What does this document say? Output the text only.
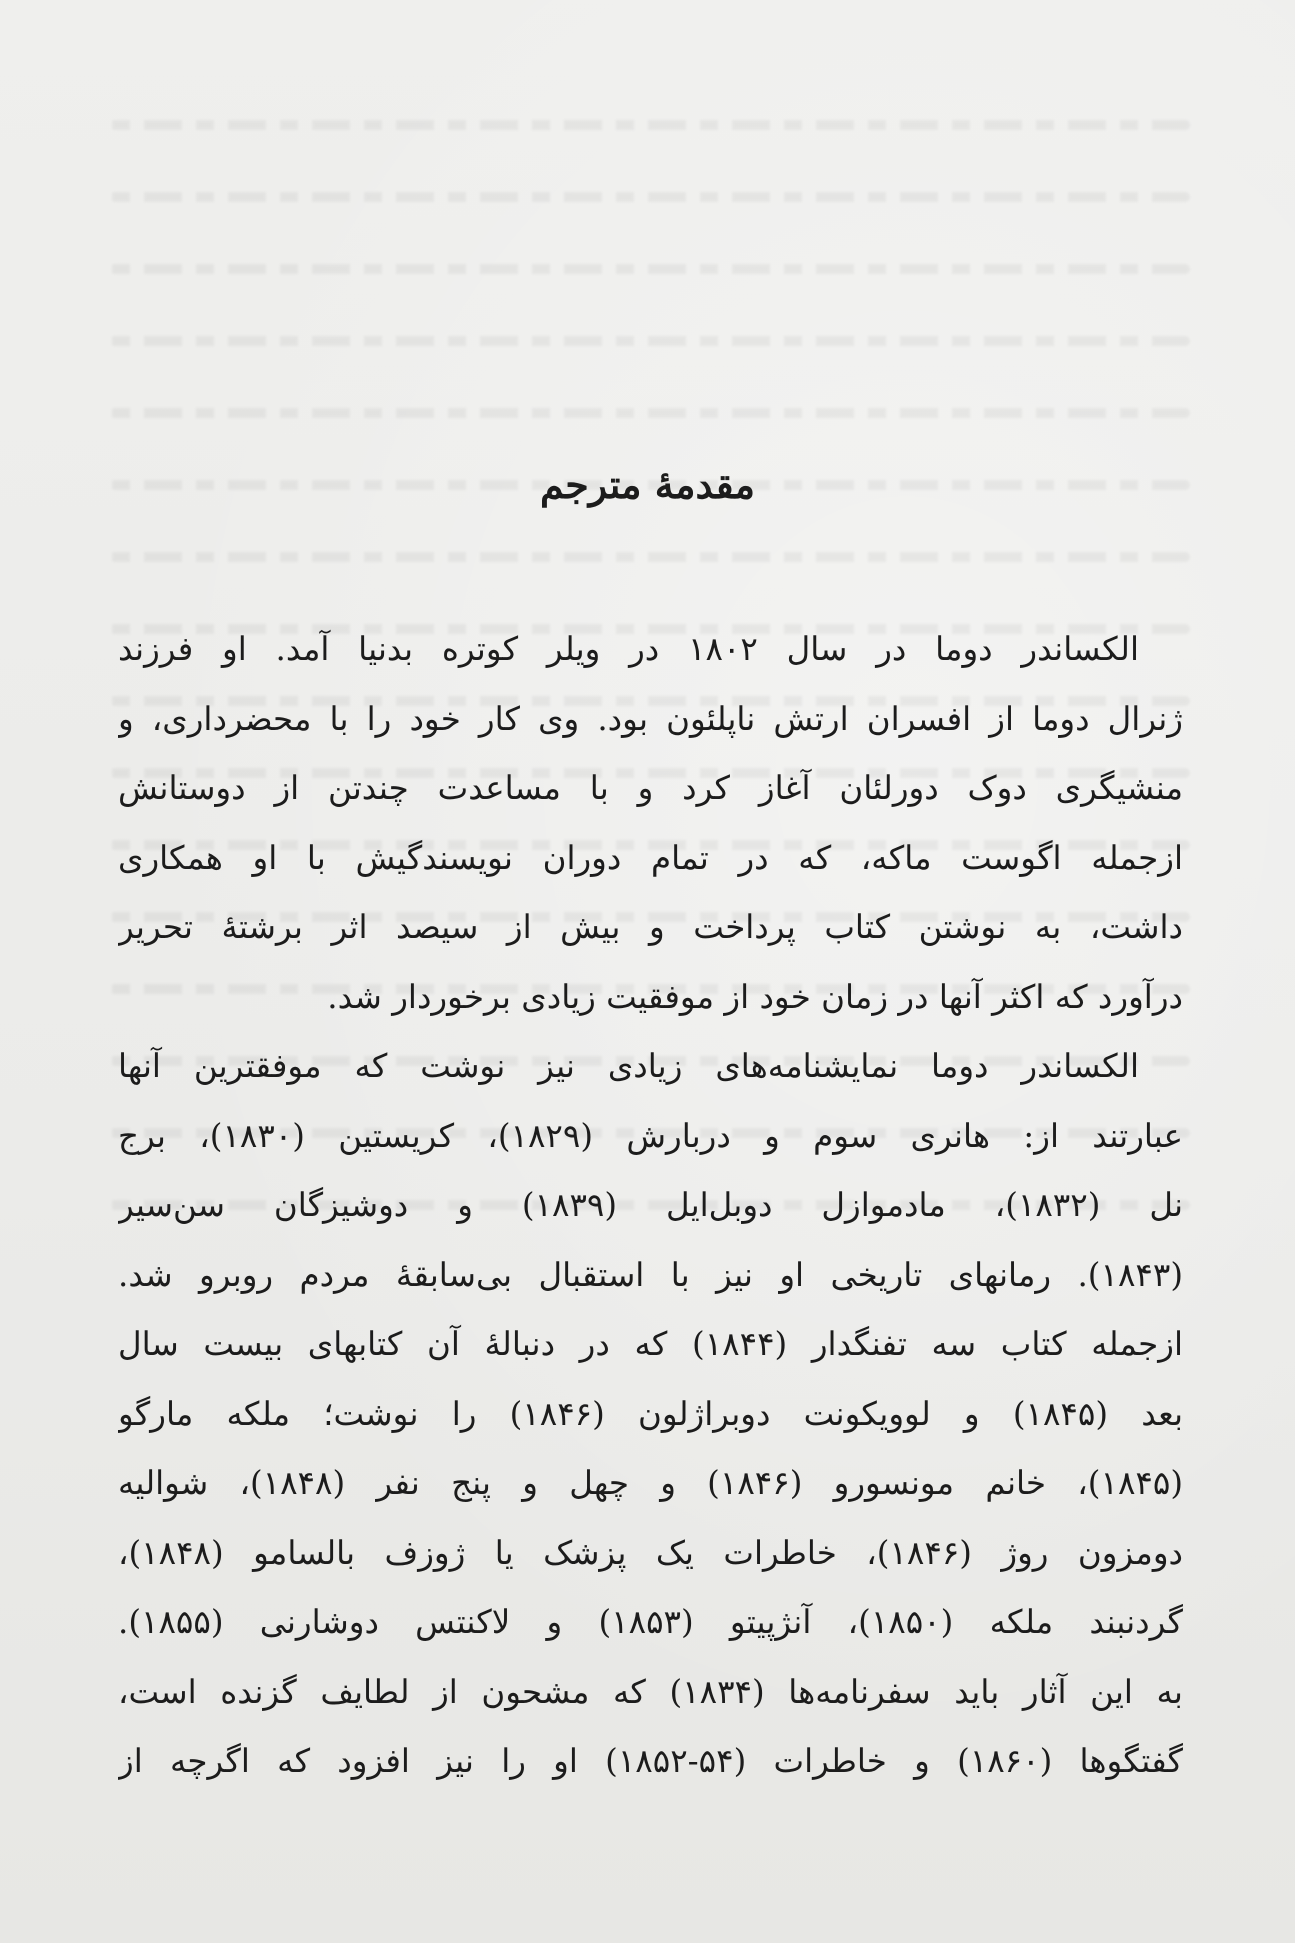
مقدمهٔ مترجم
الکساندر دوما در سال ۱۸۰۲ در ویلر کوتره بدنیا آمد. او فرزند
ژنرال دوما از افسران ارتش ناپلئون بود. وی کار خود را با محضرداری، و
منشیگری دوک دورلئان آغاز کرد و با مساعدت چندتن از دوستانش
ازجمله اگوست ماکه، که در تمام دوران نویسندگیش با او همکاری
داشت، به نوشتن کتاب پرداخت و بیش از سیصد اثر برشتهٔ تحریر
درآورد که اکثر آنها در زمان خود از موفقیت زیادی برخوردار شد.
الکساندر دوما نمایشنامه‌های زیادی نیز نوشت که موفقترین آنها
عبارتند از: هانری سوم و دربارش (۱۸۲۹)، کریستین (۱۸۳۰)، برج
نل (۱۸۳۲)، مادموازل دوبل‌ایل (۱۸۳۹) و دوشیزگان سن‌سیر
(۱۸۴۳). رمانهای تاریخی او نیز با استقبال بی‌سابقهٔ مردم روبرو شد.
ازجمله کتاب سه تفنگدار (۱۸۴۴) که در دنبالهٔ آن کتابهای بیست سال
بعد (۱۸۴۵) و لوویکونت دوبراژلون (۱۸۴۶) را نوشت؛ ملکه مارگو
(۱۸۴۵)، خانم مونسورو (۱۸۴۶) و چهل و پنج نفر (۱۸۴۸)، شوالیه
دومزون روژ (۱۸۴۶)، خاطرات یک پزشک یا ژوزف بالسامو (۱۸۴۸)،
گردنبند ملکه (۱۸۵۰)، آنژپیتو (۱۸۵۳) و لاکنتس دوشارنی (۱۸۵۵).
به این آثار باید سفرنامه‌ها (۱۸۳۴) که مشحون از لطایف گزنده است،
گفتگوها (۱۸۶۰) و خاطرات (۵۴-۱۸۵۲) او را نیز افزود که اگرچه از
